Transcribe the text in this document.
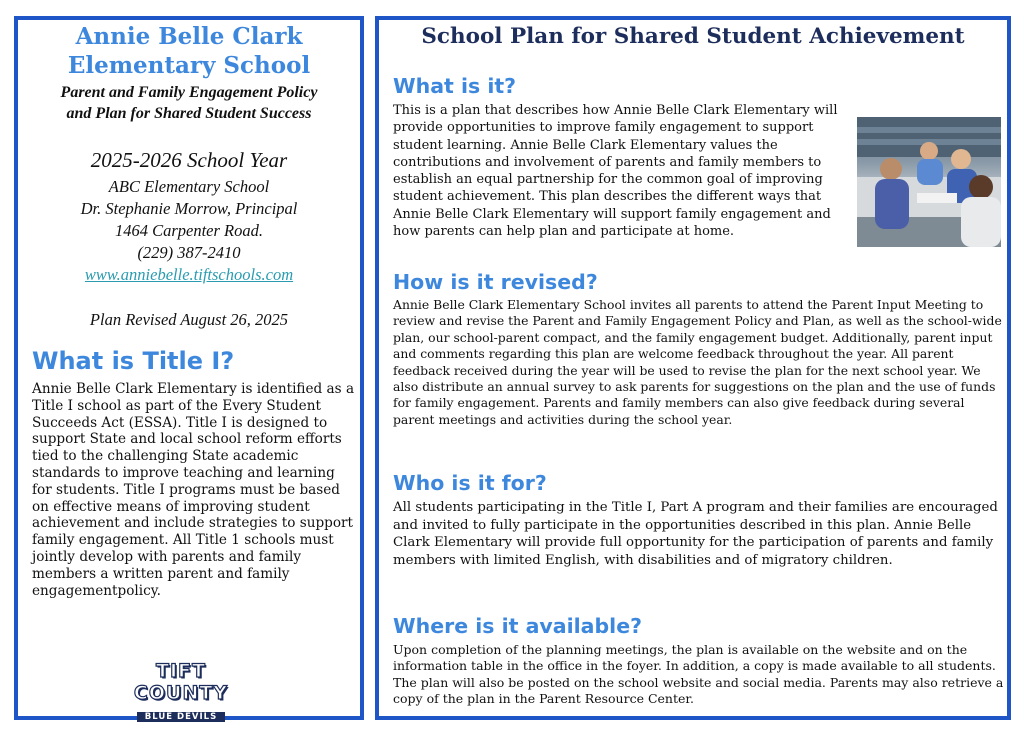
Annie Belle Clark
Elementary School
Parent and Family Engagement Policy
and Plan for Shared Student Success
2025-2026 School Year
ABC Elementary School
Dr. Stephanie Morrow, Principal
1464 Carpenter Road.
(229) 387-2410
www.anniebelle.tiftschools.com
Plan Revised August 26, 2025
What is Title I?
Annie Belle Clark Elementary is identified as a Title I school as part of the Every Student Succeeds Act (ESSA). Title I is designed to support State and local school reform efforts tied to the challenging State academic standards to improve teaching and learning for students. Title I programs must be based on effective means of improving student achievement and include strategies to support family engagement. All Title 1 schools must jointly develop with parents and family members a written parent and family engagementpolicy.
TIFT COUNTY
BLUE DEVILS
School Plan for Shared Student Achievement
What is it?
This is a plan that describes how Annie Belle Clark Elementary will provide opportunities to improve family engagement to support student learning. Annie Belle Clark Elementary values the contributions and involvement of parents and family members to establish an equal partnership for the common goal of improving student achievement. This plan describes the different ways that Annie Belle Clark Elementary will support family engagement and how parents can help plan and participate at home.
How is it revised?
Annie Belle Clark Elementary School invites all parents to attend the Parent Input Meeting to review and revise the Parent and Family Engagement Policy and Plan, as well as the school-wide plan, our school-parent compact, and the family engagement budget. Additionally, parent input and comments regarding this plan are welcome feedback throughout the year. All parent feedback received during the year will be used to revise the plan for the next school year. We also distribute an annual survey to ask parents for suggestions on the plan and the use of funds for family engagement. Parents and family members can also give feedback during several parent meetings and activities during the school year.
Who is it for?
All students participating in the Title I, Part A program and their families are encouraged and invited to fully participate in the opportunities described in this plan. Annie Belle Clark Elementary will provide full opportunity for the participation of parents and family members with limited English, with disabilities and of migratory children.
Where is it available?
Upon completion of the planning meetings, the plan is available on the website and on the information table in the office in the foyer. In addition, a copy is made available to all students. The plan will also be posted on the school website and social media. Parents may also retrieve a copy of the plan in the Parent Resource Center.
